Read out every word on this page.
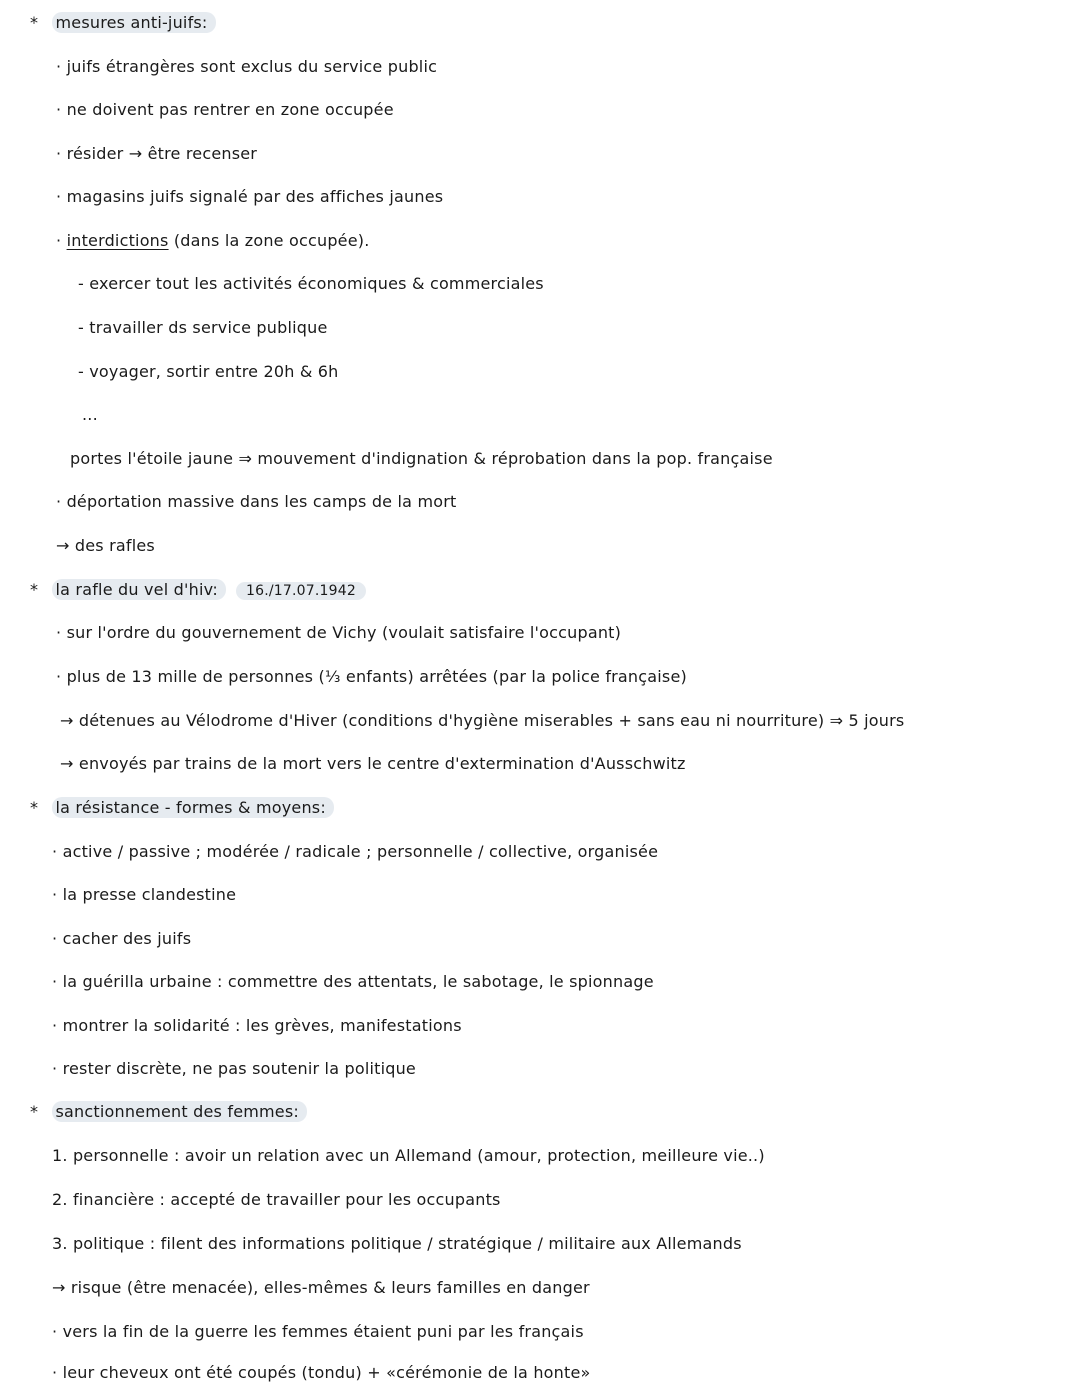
* mesures anti-juifs:
· juifs étrangères sont exclus du service public
· ne doivent pas rentrer en zone occupée
· résider → être recenser
· magasins juifs signalé par des affiches jaunes
· interdictions (dans la zone occupée).
- exercer tout les activités économiques & commerciales
- travailler ds service publique
- voyager, sortir entre 20h & 6h
...
portes l'étoile jaune ⇒ mouvement d'indignation & réprobation dans la pop. française
· déportation massive dans les camps de la mort
→ des rafles
* la rafle du vel d'hiv: 16./17.07.1942
· sur l'ordre du gouvernement de Vichy (voulait satisfaire l'occupant)
· plus de 13 mille de personnes (⅓ enfants) arrêtées (par la police française)
→ détenues au Vélodrome d'Hiver (conditions d'hygiène miserables + sans eau ni nourriture) ⇒ 5 jours
→ envoyés par trains de la mort vers le centre d'extermination d'Ausschwitz
* la résistance - formes & moyens:
· active / passive ; modérée / radicale ; personnelle / collective, organisée
· la presse clandestine
· cacher des juifs
· la guérilla urbaine : commettre des attentats, le sabotage, le spionnage
· montrer la solidarité : les grèves, manifestations
· rester discrète, ne pas soutenir la politique
* sanctionnement des femmes:
1. personnelle : avoir un relation avec un Allemand (amour, protection, meilleure vie..)
2. financière : accepté de travailler pour les occupants
3. politique : filent des informations politique / stratégique / militaire aux Allemands
→ risque (être menacée), elles-mêmes & leurs familles en danger
· vers la fin de la guerre les femmes étaient puni par les français
· leur cheveux ont été coupés (tondu) + «cérémonie de la honte»
